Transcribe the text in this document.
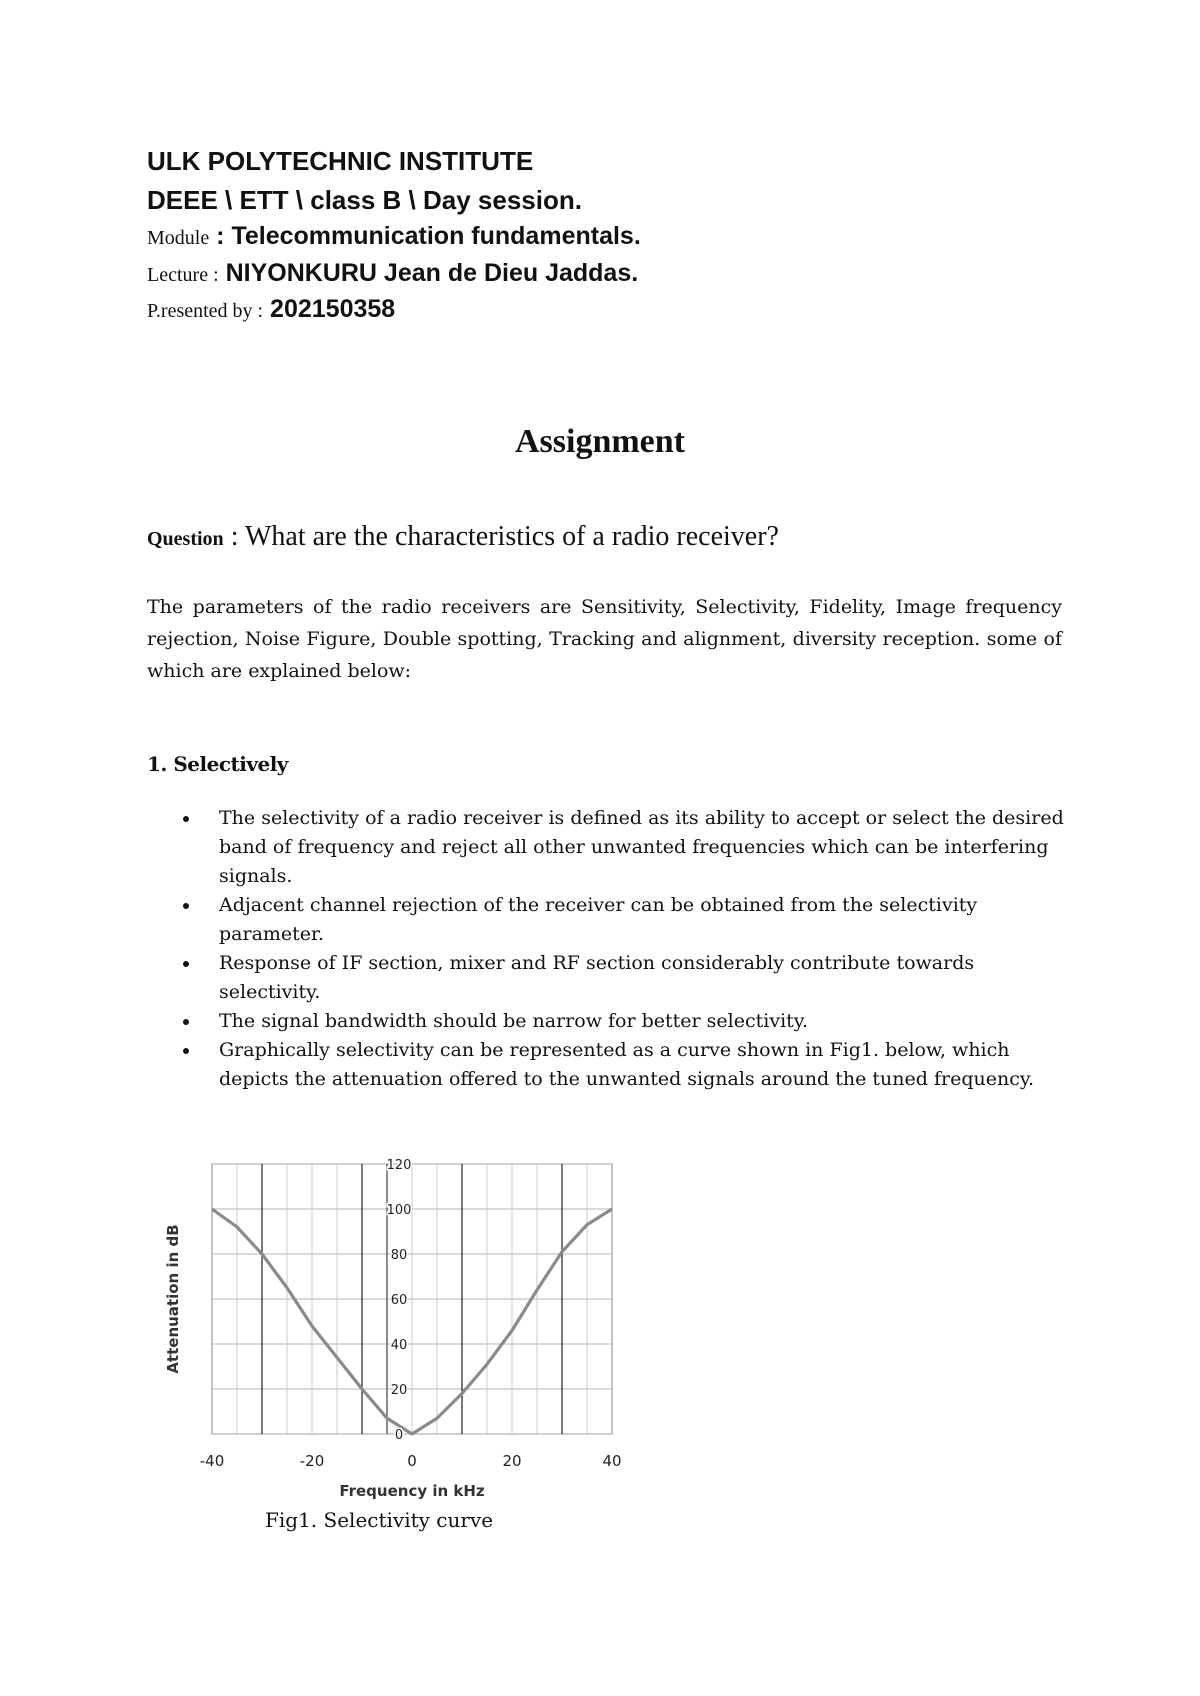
ULK POLYTECHNIC INSTITUTE
DEEE \ ETT \ class B \ Day session.
Module : Telecommunication fundamentals.
Lecture : NIYONKURU Jean de Dieu Jaddas.
P.resented by : 202150358
Assignment
Question : What are the characteristics of a radio receiver?
The parameters of the radio receivers are Sensitivity, Selectivity, Fidelity, Image frequency rejection, Noise Figure, Double spotting, Tracking and alignment, diversity reception. some of which are explained below:
1. Selectively
The selectivity of a radio receiver is defined as its ability to accept or select the desired band of frequency and reject all other unwanted frequencies which can be interfering signals.
Adjacent channel rejection of the receiver can be obtained from the selectivity parameter.
Response of IF section, mixer and RF section considerably contribute towards selectivity.
The signal bandwidth should be narrow for better selectivity.
Graphically selectivity can be represented as a curve shown in Fig1. below, which depicts the attenuation offered to the unwanted signals around the tuned frequency.
0
20
40
60
80
100
120
-40	-20	0	20	40
Frequency in kHz
Attenuation in dB
Fig1. Selectivity curve
